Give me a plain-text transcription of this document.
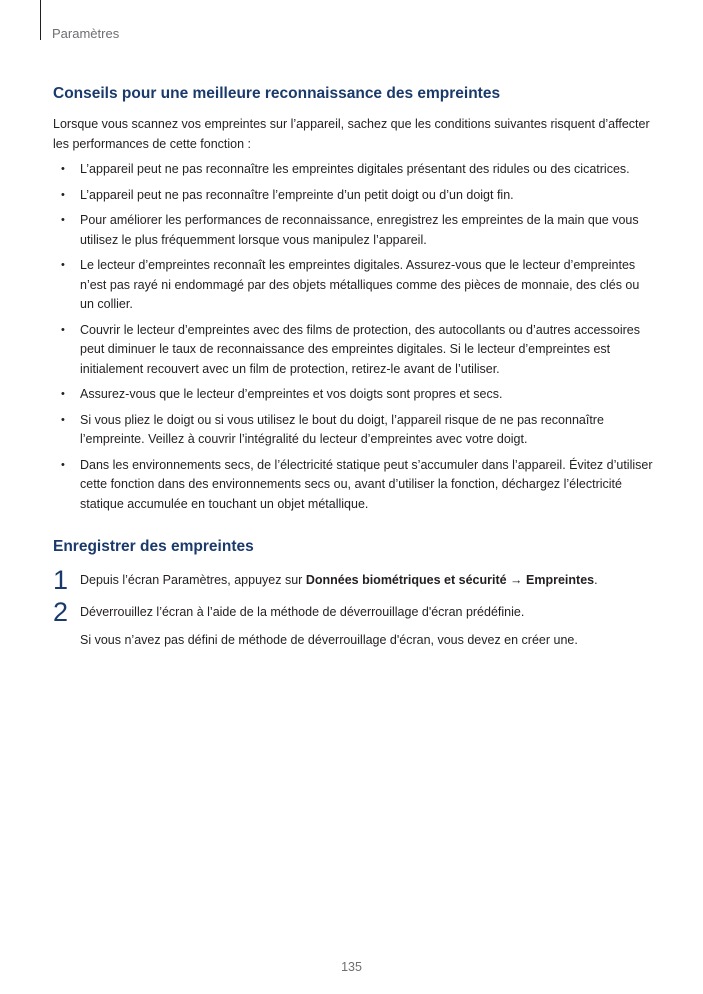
Paramètres
Conseils pour une meilleure reconnaissance des empreintes

Lorsque vous scannez vos empreintes sur l’appareil, sachez que les conditions suivantes risquent d’affecter les performances de cette fonction :

• L’appareil peut ne pas reconnaître les empreintes digitales présentant des ridules ou des cicatrices.
• L’appareil peut ne pas reconnaître l’empreinte d’un petit doigt ou d’un doigt fin.
• Pour améliorer les performances de reconnaissance, enregistrez les empreintes de la main que vous utilisez le plus fréquemment lorsque vous manipulez l’appareil.
• Le lecteur d’empreintes reconnaît les empreintes digitales. Assurez-vous que le lecteur d’empreintes n’est pas rayé ni endommagé par des objets métalliques comme des pièces de monnaie, des clés ou un collier.
• Couvrir le lecteur d’empreintes avec des films de protection, des autocollants ou d’autres accessoires peut diminuer le taux de reconnaissance des empreintes digitales. Si le lecteur d’empreintes est initialement recouvert avec un film de protection, retirez-le avant de l’utiliser.
• Assurez-vous que le lecteur d’empreintes et vos doigts sont propres et secs.
• Si vous pliez le doigt ou si vous utilisez le bout du doigt, l’appareil risque de ne pas reconnaître l’empreinte. Veillez à couvrir l’intégralité du lecteur d’empreintes avec votre doigt.
• Dans les environnements secs, de l’électricité statique peut s’accumuler dans l’appareil. Évitez d’utiliser cette fonction dans des environnements secs ou, avant d’utiliser la fonction, déchargez l’électricité statique accumulée en touchant un objet métallique.
Enregistrer des empreintes
1 Depuis l’écran Paramètres, appuyez sur Données biométriques et sécurité → Empreintes.
2 Déverrouillez l’écran à l’aide de la méthode de déverrouillage d'écran prédéfinie.
Si vous n’avez pas défini de méthode de déverrouillage d'écran, vous devez en créer une.
135
